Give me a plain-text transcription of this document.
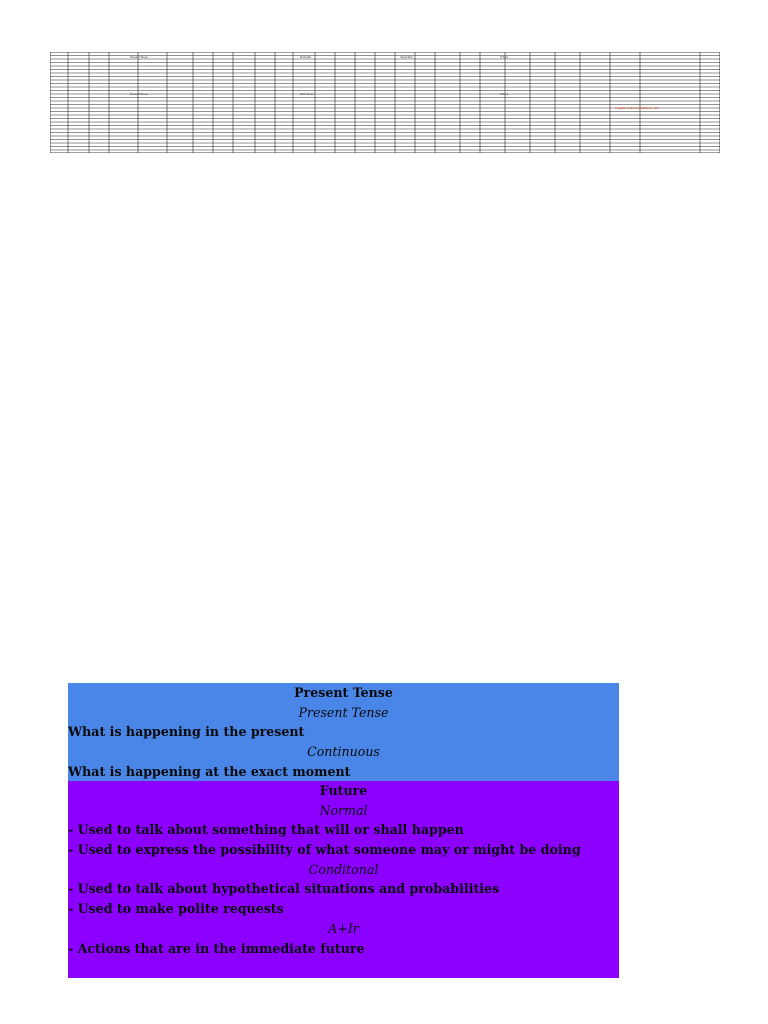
Present Tense	Preterite	Imperfect	Future
Present Tense	Past Tense	Future
Irregular verbs are marked in red
Present Tense
Present Tense
What is happening in the present
Continuous
What is happening at the exact moment
Future
Normal
- Used to talk about something that will or shall happen
- Used to express the possibility of what someone may or might be doing
Conditonal
- Used to talk about hypothetical situations and probabilities
- Used to make polite requests
A+Ir
- Actions that are in the immediate future
